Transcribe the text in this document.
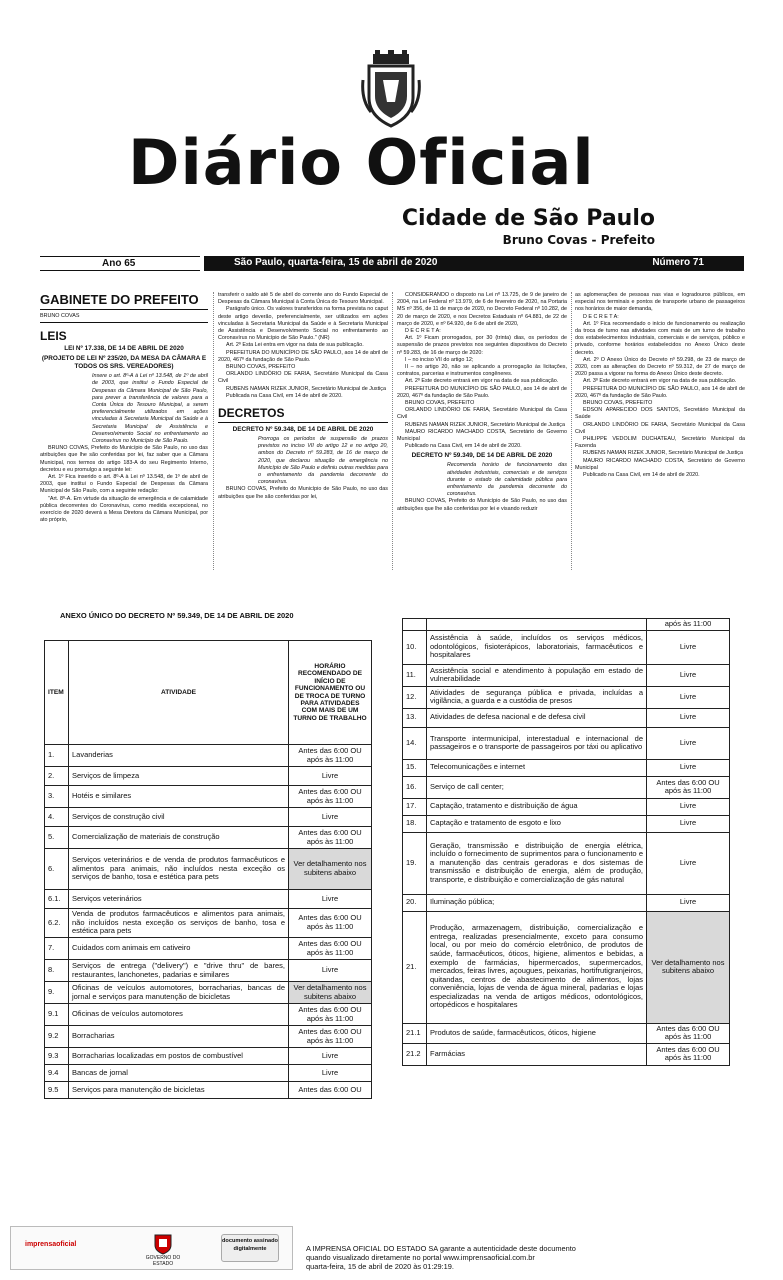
Diário Oficial
Cidade de São Paulo
Bruno Covas - Prefeito
Ano 65	São Paulo, quarta-feira, 15 de abril de 2020	Número 71
GABINETE DO PREFEITO
BRUNO COVAS
LEIS
LEI Nº 17.338, DE 14 DE ABRIL DE 2020
(PROJETO DE LEI Nº 235/20, DA MESA DA CÂMARA E TODOS OS SRS. VEREADORES)

Insere o art. 8º-A à Lei nº 13.548, de 1º de abril de 2003, que institui o Fundo Especial de Despesas da Câmara Municipal de São Paulo, para prever a transferência de valores para a Conta Única do Tesouro Municipal, a serem preferencialmente utilizados em ações vinculadas à Secretaria Municipal da Saúde e à Secretaria Municipal de Assistência e Desenvolvimento Social no enfrentamento ao Coronavírus no Município de São Paulo.

BRUNO COVAS, Prefeito do Município de São Paulo, no uso das atribuições que lhe são conferidas por lei, faz saber que a Câmara Municipal, nos termos do artigo 183-A do seu Regimento Interno, decretou e eu promulgo a seguinte lei:

Art. 1º Fica inserido o art. 8º-A à Lei nº 13.548, de 1º de abril de 2003, que institui o Fundo Especial de Despesas da Câmara Municipal de São Paulo, com a seguinte redação:

"Art. 8º-A. Em virtude da situação de emergência e de calamidade pública decorrentes do Coronavírus, como medida excepcional, no exercício de 2020 deverá a Mesa Diretora da Câmara Municipal, por ato próprio,

transferir o saldo até 5 de abril do corrente ano do Fundo Especial de Despesas da Câmara Municipal à Conta Única do Tesouro Municipal.

Parágrafo único. Os valores transferidos na forma prevista no caput deste artigo deverão, preferencialmente, ser utilizados em ações vinculadas à Secretaria Municipal da Saúde e à Secretaria Municipal de Assistência e Desenvolvimento Social no enfrentamento ao Coronavírus no Município de São Paulo." (NR)

Art. 2º Esta Lei entra em vigor na data de sua publicação.

PREFEITURA DO MUNICÍPIO DE SÃO PAULO, aos 14 de abril de 2020, 467º da fundação de São Paulo.

BRUNO COVAS, PREFEITO

ORLANDO LINDÓRIO DE FARIA, Secretário Municipal da Casa Civil

RUBENS NAMAN RIZEK JUNIOR, Secretário Municipal de Justiça

Publicada na Casa Civil, em 14 de abril de 2020.

DECRETOS
DECRETO Nº 59.348, DE 14 DE ABRIL DE 2020

Prorroga os períodos de suspensão de prazos previstos no inciso VII do artigo 12 e no artigo 20, ambos do Decreto nº 59.283, de 16 de março de 2020, que declarou situação de emergência no Município de São Paulo e definiu outras medidas para o enfrentamento da pandemia decorrente do coronavírus.

BRUNO COVAS, Prefeito do Município de São Paulo, no uso das atribuições que lhe são conferidas por lei,

CONSIDERANDO o disposto na Lei nº 13.725, de 9 de janeiro de 2004, na Lei Federal nº 13.979, de 6 de fevereiro de 2020, na Portaria MS nº 356, de 11 de março de 2020, no Decreto Federal nº 10.282, de 20 de março de 2020, e nos Decretos Estaduais nº 64.881, de 22 de março de 2020, e nº 64.920, de 6 de abril de 2020,

D E C R E T A:

Art. 1º Ficam prorrogados, por 30 (trinta) dias, os períodos de suspensão de prazos previstos nos seguintes dispositivos do Decreto nº 59.283, de 16 de março de 2020:

I – no inciso VII do artigo 12;

II – no artigo 20, não se aplicando a prorrogação às licitações, contratos, parcerias e instrumentos congêneres.

Art. 2º Este decreto entrará em vigor na data de sua publicação.

PREFEITURA DO MUNICÍPIO DE SÃO PAULO, aos 14 de abril de 2020, 467º da fundação de São Paulo.

BRUNO COVAS, PREFEITO

ORLANDO LINDÓRIO DE FARIA, Secretário Municipal da Casa Civil

RUBENS NAMAN RIZEK JUNIOR, Secretário Municipal de Justiça

MAURO RICARDO MACHADO COSTA, Secretário de Governo Municipal

Publicado na Casa Civil, em 14 de abril de 2020.

DECRETO Nº 59.349, DE 14 DE ABRIL DE 2020

Recomenda horário de funcionamento das atividades industriais, comerciais e de serviços durante o estado de calamidade pública para enfrentamento da pandemia decorrente do coronavírus.

BRUNO COVAS, Prefeito do Município de São Paulo, no uso das atribuições que lhe são conferidas por lei e visando reduzir

as aglomerações de pessoas nas vias e logradouros públicos, em especial nos terminais e pontos de transporte urbano de passageiros nos horários de maior demanda,

D E C R E T A:

Art. 1º Fica recomendado o início de funcionamento ou realização da troca de turno nas atividades com mais de um turno de trabalho dos estabelecimentos industriais, comerciais e de serviços, público e privado, conforme horários estabelecidos no Anexo Único deste decreto.

Art. 2º O Anexo Único do Decreto nº 59.298, de 23 de março de 2020, com as alterações do Decreto nº 59.312, de 27 de março de 2020 passa a vigorar na forma do Anexo Único deste decreto.

Art. 3º Este decreto entrará em vigor na data de sua publicação.

PREFEITURA DO MUNICÍPIO DE SÃO PAULO, aos 14 de abril de 2020, 467º da fundação de São Paulo.

BRUNO COVAS, PREFEITO

EDSON APARECIDO DOS SANTOS, Secretário Municipal da Saúde

ORLANDO LINDÓRIO DE FARIA, Secretário Municipal da Casa Civil

PHILIPPE VEDOLIM DUCHATEAU, Secretário Municipal da Fazenda

RUBENS NAMAN RIZEK JUNIOR, Secretário Municipal de Justiça

MAURO RICARDO MACHADO COSTA, Secretário de Governo Municipal

Publicado na Casa Civil, em 14 de abril de 2020.

ANEXO ÚNICO DO DECRETO Nº 59.349, DE 14 DE ABRIL DE 2020
ITEM	ATIVIDADE	HORÁRIO RECOMENDADO DE INÍCIO DE FUNCIONAMENTO OU DE TROCA DE TURNO PARA ATIVIDADES COM MAIS DE UM TURNO DE TRABALHO
1.	Lavanderias	Antes das 6:00 OU após às 11:00
2.	Serviços de limpeza	Livre
3.	Hotéis e similares	Antes das 6:00 OU após às 11:00
4.	Serviços de construção civil	Livre
5.	Comercialização de materiais de construção	Antes das 6:00 OU após às 11:00
6.	Serviços veterinários e de venda de produtos farmacêuticos e alimentos para animais, não incluídos nesta exceção os serviços de banho, tosa e estética para pets	Ver detalhamento nos subitens abaixo
6.1.	Serviços veterinários	Livre
6.2.	Venda de produtos farmacêuticos e alimentos para animais, não incluídos nesta exceção os serviços de banho, tosa e estética para pets	Antes das 6:00 OU após às 11:00
7.	Cuidados com animais em cativeiro	Antes das 6:00 OU após às 11:00
8.	Serviços de entrega ("delivery") e "drive thru" de bares, restaurantes, lanchonetes, padarias e similares	Livre
9.	Oficinas de veículos automotores, borracharias, bancas de jornal e serviços para manutenção de bicicletas	Ver detalhamento nos subitens abaixo
9.1	Oficinas de veículos automotores	Antes das 6:00 OU após às 11:00
9.2	Borracharias	Antes das 6:00 OU após às 11:00
9.3	Borracharias localizadas em postos de combustível	Livre
9.4	Bancas de jornal	Livre
9.5	Serviços para manutenção de bicicletas	Antes das 6:00 OU
		após às 11:00
10.	Assistência à saúde, incluídos os serviços médicos, odontológicos, fisioterápicos, laboratoriais, farmacêuticos e hospitalares	Livre
11.	Assistência social e atendimento à população em estado de vulnerabilidade	Livre
12.	Atividades de segurança pública e privada, incluídas a vigilância, a guarda e a custódia de presos	Livre
13.	Atividades de defesa nacional e de defesa civil	Livre
14.	Transporte intermunicipal, interestadual e internacional de passageiros e o transporte de passageiros por táxi ou aplicativo	Livre
15.	Telecomunicações e internet	Livre
16.	Serviço de call center;	Antes das 6:00 OU após às 11:00
17.	Captação, tratamento e distribuição de água	Livre
18.	Captação e tratamento de esgoto e lixo	Livre
19.	Geração, transmissão e distribuição de energia elétrica, incluído o fornecimento de suprimentos para o funcionamento e a manutenção das centrais geradoras e dos sistemas de transmissão e distribuição de energia, além de produção, transporte, e distribuição e comercialização de gás natural	Livre
20.	Iluminação pública;	Livre
21.	Produção, armazenagem, distribuição, comercialização e entrega, realizadas presencialmente, exceto para consumo local, ou por meio do comércio eletrônico, de produtos de saúde, farmacêuticos, óticos, higiene, alimentos e bebidas, a exemplo de farmácias, hipermercados, supermercados, mercados, feiras livres, açougues, peixarias, hortifrutigranjeiros, quitandas, centros de abastecimento de alimentos, lojas conveniência, lojas de venda de água mineral, padarias e lojas especializadas na venda de artigos médicos, odontológicos, ortopédicos e hospitalares	Ver detalhamento nos subitens abaixo
21.1	Produtos de saúde, farmacêuticos, óticos, higiene	Antes das 6:00 OU após às 11:00
21.2	Farmácias	Antes das 6:00 OU após às 11:00
imprensaoficial
GOVERNO DO ESTADO
documento assinado digitalmente	A IMPRENSA OFICIAL DO ESTADO SA garante a autenticidade deste documento
quando visualizado diretamente no portal www.imprensaoficial.com.br
quarta-feira, 15 de abril de 2020 às 01:29:19.
